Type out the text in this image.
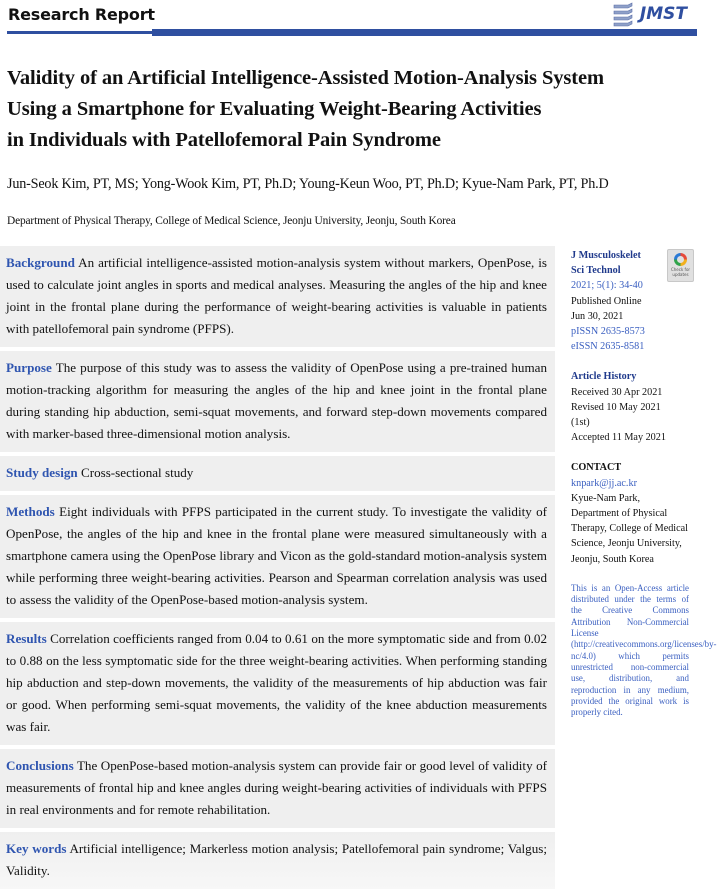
Research Report	JMST
Validity of an Artificial Intelligence-Assisted Motion-Analysis System
Using a Smartphone for Evaluating Weight-Bearing Activities
in Individuals with Patellofemoral Pain Syndrome
Jun-Seok Kim, PT, MS; Yong-Wook Kim, PT, Ph.D; Young-Keun Woo, PT, Ph.D; Kyue-Nam Park, PT, Ph.D
Department of Physical Therapy, College of Medical Science, Jeonju University, Jeonju, South Korea
Background An artificial intelligence-assisted motion-analysis system without markers, OpenPose, is used to calculate joint angles in sports and medical analyses. Measuring the angles of the hip and knee joint in the frontal plane during the performance of weight-bearing activities is valuable in patients with patellofemoral pain syndrome (PFPS).
Purpose The purpose of this study was to assess the validity of OpenPose using a pre-trained human motion-tracking algorithm for measuring the angles of the hip and knee joint in the frontal plane during standing hip abduction, semi-squat movements, and forward step-down movements compared with marker-based three-dimensional motion analysis.
Study design Cross-sectional study
Methods Eight individuals with PFPS participated in the current study. To investigate the validity of OpenPose, the angles of the hip and knee in the frontal plane were measured simultaneously with a smartphone camera using the OpenPose library and Vicon as the gold-standard motion-analysis system while performing three weight-bearing activities. Pearson and Spearman correlation analysis was used to assess the validity of the OpenPose-based motion-analysis system.
Results Correlation coefficients ranged from 0.04 to 0.61 on the more symptomatic side and from 0.02 to 0.88 on the less symptomatic side for the three weight-bearing activities. When performing standing hip abduction and step-down movements, the validity of the measurements of hip abduction was fair or good. When performing semi-squat movements, the validity of the knee abduction measurements was fair.
Conclusions The OpenPose-based motion-analysis system can provide fair or good level of validity of measurements of frontal hip and knee angles during weight-bearing activities of individuals with PFPS in real environments and for remote rehabilitation.
Key words Artificial intelligence; Markerless motion analysis; Patellofemoral pain syndrome; Valgus; Validity.
Check for updates
J Musculoskelet
Sci Technol
2021; 5(1): 34-40
Published Online
Jun 30, 2021
pISSN 2635-8573
eISSN 2635-8581
Article History
Received 30 Apr 2021
Revised 10 May 2021
(1st)
Accepted 11 May 2021
CONTACT
knpark@jj.ac.kr
Kyue-Nam Park, Department of Physical Therapy, College of Medical Science, Jeonju University, Jeonju, South Korea
This is an Open-Access article distributed under the terms of the Creative Commons Attribution Non-Commercial License (http://creativecommons.org/licenses/by-nc/4.0) which permits unrestricted non-commercial use, distribution, and reproduction in any medium, provided the original work is properly cited.
